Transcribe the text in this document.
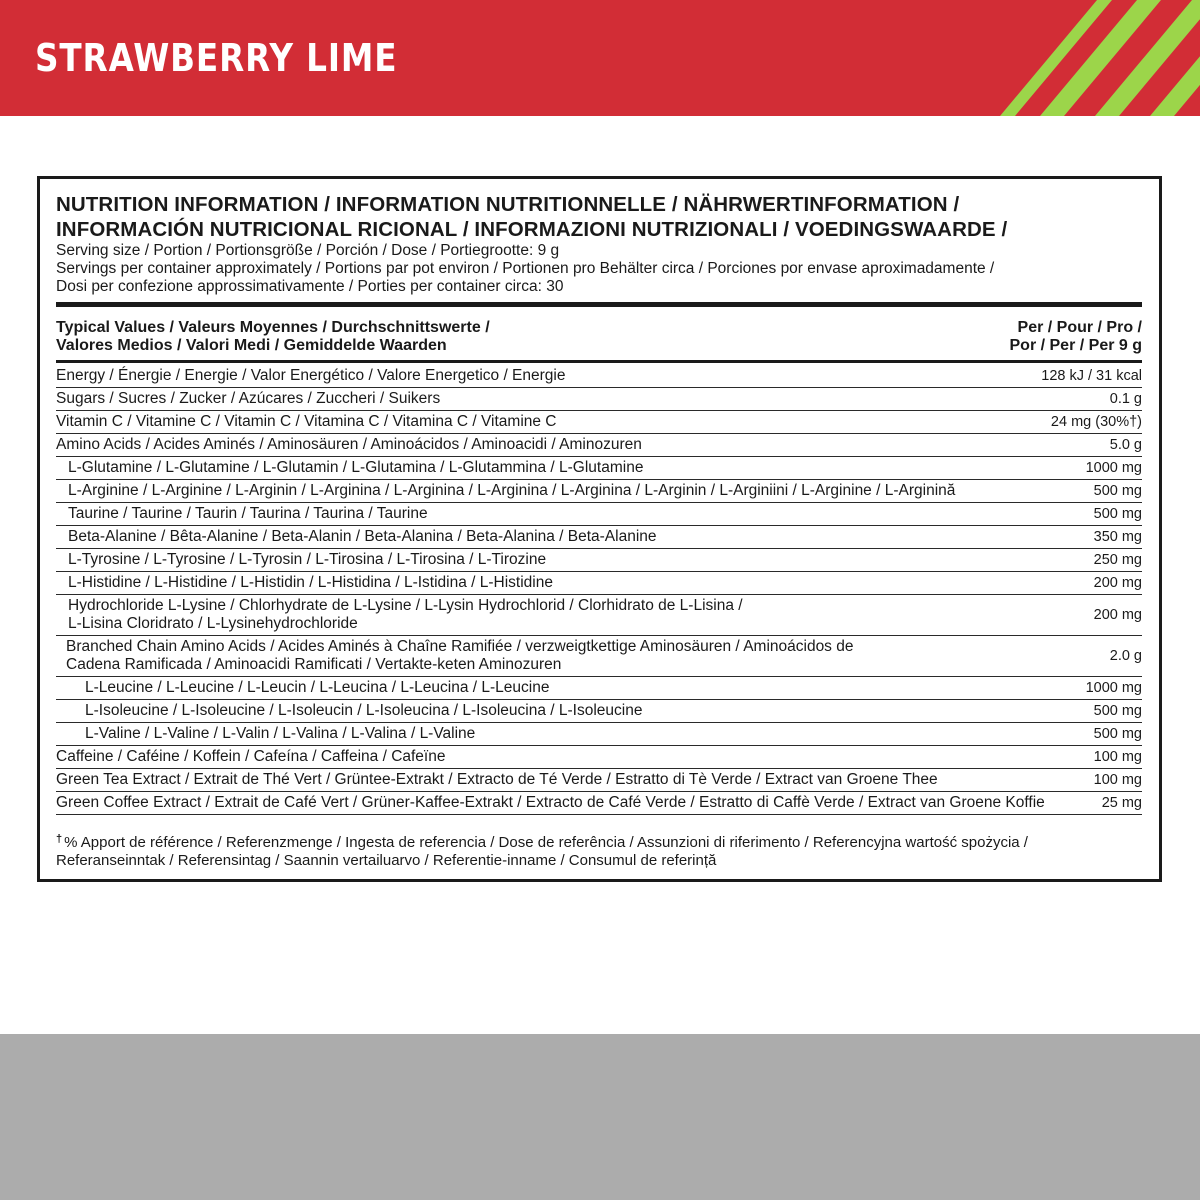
STRAWBERRY LIME
NUTRITION INFORMATION / INFORMATION NUTRITIONNELLE / NÄHRWERTINFORMATION /
INFORMACIÓN NUTRICIONAL RICIONAL / INFORMAZIONI NUTRIZIONALI / VOEDINGSWAARDE /
Serving size / Portion / Portionsgröße / Porción / Dose / Portiegrootte: 9 g
Servings per container approximately / Portions par pot environ / Portionen pro Behälter circa / Porciones por envase aproximadamente /
Dosi per confezione approssimativamente / Porties per container circa: 30
Typical Values / Valeurs Moyennes / Durchschnittswerte /
Valores Medios / Valori Medi / Gemiddelde Waarden
Per / Pour / Pro /
Por / Per / Per 9 g
Energy / Énergie / Energie / Valor Energético / Valore Energetico / Energie	128 kJ / 31 kcal
Sugars / Sucres / Zucker / Azúcares / Zuccheri / Suikers	0.1 g
Vitamin C / Vitamine C / Vitamin C / Vitamina C / Vitamina C / Vitamine C	24 mg (30%†)
Amino Acids / Acides Aminés / Aminosäuren / Aminoácidos / Aminoacidi / Aminozuren	5.0 g
L-Glutamine / L-Glutamine / L-Glutamin / L-Glutamina / L-Glutammina / L-Glutamine	1000 mg
L-Arginine / L-Arginine / L-Arginin / L-Arginina / L-Arginina / L-Arginina / L-Arginina / L-Arginin / L-Arginiini / L-Arginine / L-Arginină	500 mg
Taurine / Taurine / Taurin / Taurina / Taurina / Taurine	500 mg
Beta-Alanine / Bêta-Alanine / Beta-Alanin / Beta-Alanina / Beta-Alanina / Beta-Alanine	350 mg
L-Tyrosine / L-Tyrosine / L-Tyrosin / L-Tirosina / L-Tirosina / L-Tirozine	250 mg
L-Histidine / L-Histidine / L-Histidin / L-Histidina / L-Istidina / L-Histidine	200 mg
Hydrochloride L-Lysine / Chlorhydrate de L-Lysine / L-Lysin Hydrochlorid / Clorhidrato de L-Lisina /
L-Lisina Cloridrato / L-Lysinehydrochloride	200 mg
Branched Chain Amino Acids / Acides Aminés à Chaîne Ramifiée / verzweigtkettige Aminosäuren / Aminoácidos de
Cadena Ramificada / Aminoacidi Ramificati / Vertakte-keten Aminozuren	2.0 g
L-Leucine / L-Leucine / L-Leucin / L-Leucina / L-Leucina / L-Leucine	1000 mg
L-Isoleucine / L-Isoleucine / L-Isoleucin / L-Isoleucina / L-Isoleucina / L-Isoleucine	500 mg
L-Valine / L-Valine / L-Valin / L-Valina / L-Valina / L-Valine	500 mg
Caffeine / Caféine / Koffein / Cafeína / Caffeina / Cafeïne	100 mg
Green Tea Extract / Extrait de Thé Vert / Grüntee-Extrakt / Extracto de Té Verde / Estratto di Tè Verde / Extract van Groene Thee	100 mg
Green Coffee Extract / Extrait de Café Vert / Grüner-Kaffee-Extrakt / Extracto de Café Verde / Estratto di Caffè Verde / Extract van Groene Koffie	25 mg
† % Apport de référence / Referenzmenge / Ingesta de referencia / Dose de referência / Assunzioni di riferimento / Referencyjna wartość spożycia /
Referanseinntak / Referensintag / Saannin vertailuarvo / Referentie-inname / Consumul de referință
